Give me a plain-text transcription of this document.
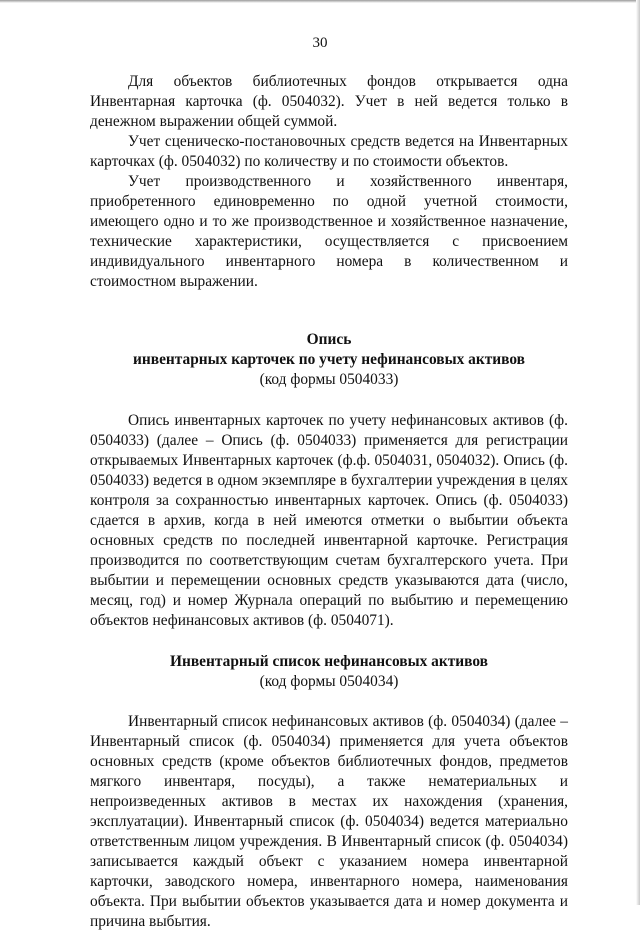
30

Для объектов библиотечных фондов открывается одна Инвентарная карточка (ф. 0504032). Учет в ней ведется только в денежном выражении общей суммой.

Учет сценическо-постановочных средств ведется на Инвентарных карточках (ф. 0504032) по количеству и по стоимости объектов.

Учет производственного и хозяйственного инвентаря, приобретенного единовременно по одной учетной стоимости, имеющего одно и то же производственное и хозяйственное назначение, технические характеристики, осуществляется с присвоением индивидуального инвентарного номера в количественном и стоимостном выражении.

Опись
инвентарных карточек по учету нефинансовых активов
(код формы 0504033)

Опись инвентарных карточек по учету нефинансовых активов (ф. 0504033) (далее – Опись (ф. 0504033) применяется для регистрации открываемых Инвентарных карточек (ф.ф. 0504031, 0504032). Опись (ф. 0504033) ведется в одном экземпляре в бухгалтерии учреждения в целях контроля за сохранностью инвентарных карточек. Опись (ф. 0504033) сдается в архив, когда в ней имеются отметки о выбытии объекта основных средств по последней инвентарной карточке. Регистрация производится по соответствующим счетам бухгалтерского учета. При выбытии и перемещении основных средств указываются дата (число, месяц, год) и номер Журнала операций по выбытию и перемещению объектов нефинансовых активов (ф. 0504071).

Инвентарный список нефинансовых активов
(код формы 0504034)

Инвентарный список нефинансовых активов (ф. 0504034) (далее – Инвентарный список (ф. 0504034) применяется для учета объектов основных средств (кроме объектов библиотечных фондов, предметов мягкого инвентаря, посуды), а также нематериальных и непроизведенных активов в местах их нахождения (хранения, эксплуатации). Инвентарный список (ф. 0504034) ведется материально ответственным лицом учреждения. В Инвентарный список (ф. 0504034) записывается каждый объект с указанием номера инвентарной карточки, заводского номера, инвентарного номера, наименования объекта. При выбытии объектов указывается дата и номер документа и причина выбытия.
